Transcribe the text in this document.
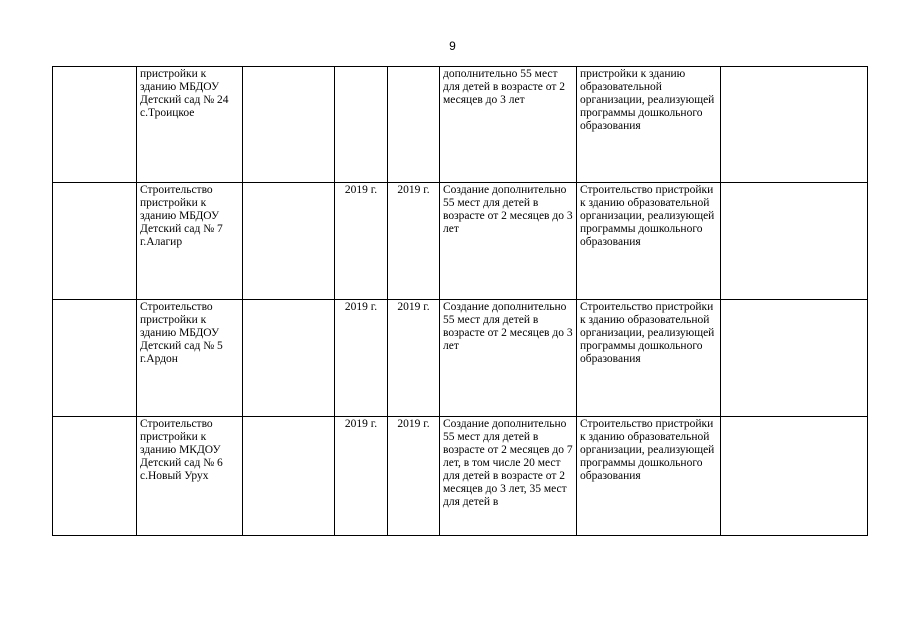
9
	пристройки к зданию МБДОУ Детский сад № 24 с.Троицкое				дополнительно 55 мест для детей в возрасте от 2 месяцев до 3 лет	пристройки к зданию образовательной организации, реализующей программы дошкольного образования	
	Строительство пристройки к зданию МБДОУ Детский сад № 7 г.Алагир		2019 г.	2019 г.	Создание дополнительно 55 мест для детей в возрасте от 2 месяцев до 3 лет	Строительство пристройки к зданию образовательной организации, реализующей программы дошкольного образования	
	Строительство пристройки к зданию МБДОУ Детский сад № 5 г.Ардон		2019 г.	2019 г.	Создание дополнительно 55 мест для детей в возрасте от 2 месяцев до 3 лет	Строительство пристройки к зданию образовательной организации, реализующей программы дошкольного образования	
	Строительство пристройки к зданию МКДОУ Детский сад № 6 с.Новый Урух		2019 г.	2019 г.	Создание дополнительно 55 мест для детей в возрасте от 2 месяцев до 7 лет, в том числе 20 мест для детей в возрасте от 2 месяцев до 3 лет, 35 мест для детей в	Строительство пристройки к зданию образовательной организации, реализующей программы дошкольного образования	
